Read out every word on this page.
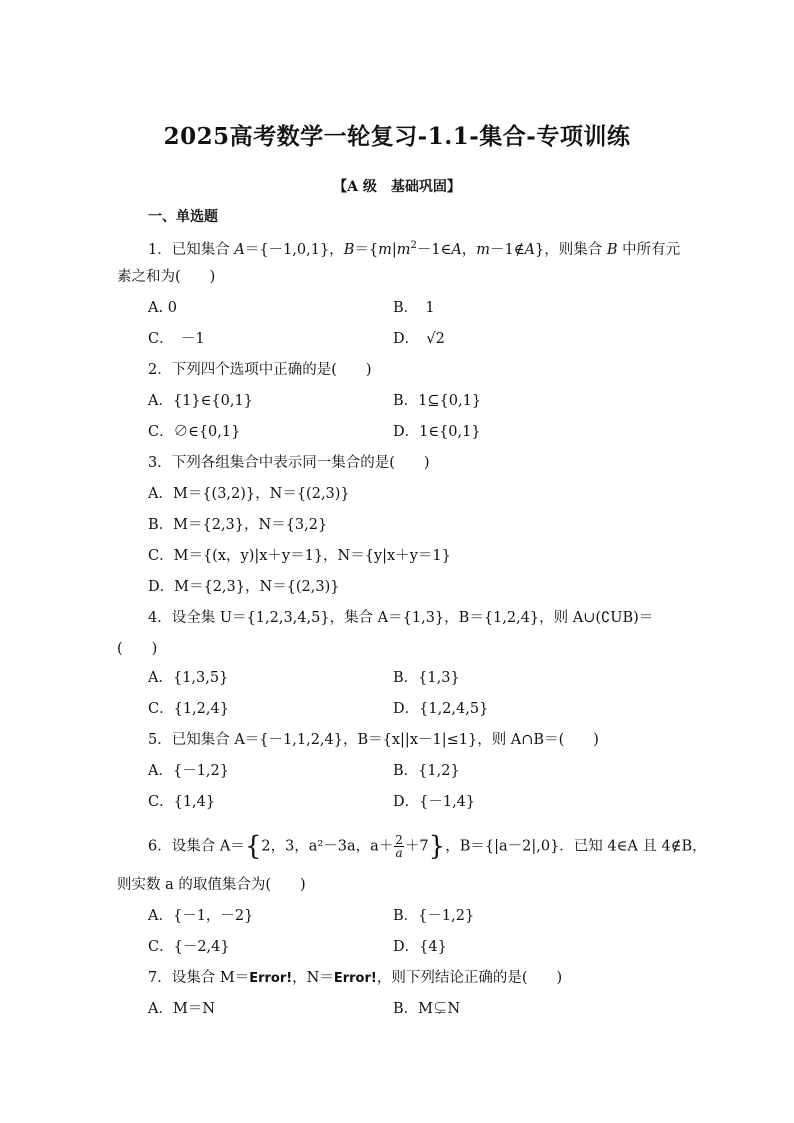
2025高考数学一轮复习-1.1-集合-专项训练
【A 级　基础巩固】
一、单选题
1．已知集合 A＝{－1,0,1}，$B=\{m|m^2-1\in A$，m－1∉A}，则集合 B 中所有元
素之和为(　　)
A. 0	B．　1
C．　－1	D．　√2
2．下列四个选项中正确的是(　　)
A．{1}∈{0,1}	B．1⊆{0,1}
C．∅∈{0,1}	D．1∈{0,1}
3．下列各组集合中表示同一集合的是(　　)
A．M＝{(3,2)}，N＝{(2,3)}
B．M＝{2,3}，N＝{3,2}
C．M＝{(x，y)|x＋y＝1}，N＝{y|x＋y＝1}
D．M＝{2,3}，N＝{(2,3)}
4．设全集 U＝{1,2,3,4,5}，集合 A＝{1,3}，B＝{1,2,4}，则 A∪(∁UB)＝
(　　)
A．{1,3,5}	B．{1,3}
C．{1,2,4}	D．{1,2,4,5}
5．已知集合 A＝{－1,1,2,4}，B＝{x||x－1|≤1}，则 A∩B＝(　　)
A．{－1,2}	B．{1,2}
C．{1,4}	D．{－1,4}
6．设集合 A＝{2，3，a²－3a，$a+ \frac{2}{a} +7$}，B＝{|a－2|,0}．已知 4∈A 且 4∉B，
则实数 a 的取值集合为(　　)
A．{－1，－2}	B．{－1,2}
C．{－2,4}	D．{4}
7．设集合 M＝Error!，N＝Error!，则下列结论正确的是(　　)
A．M＝N	B．M⊊N
